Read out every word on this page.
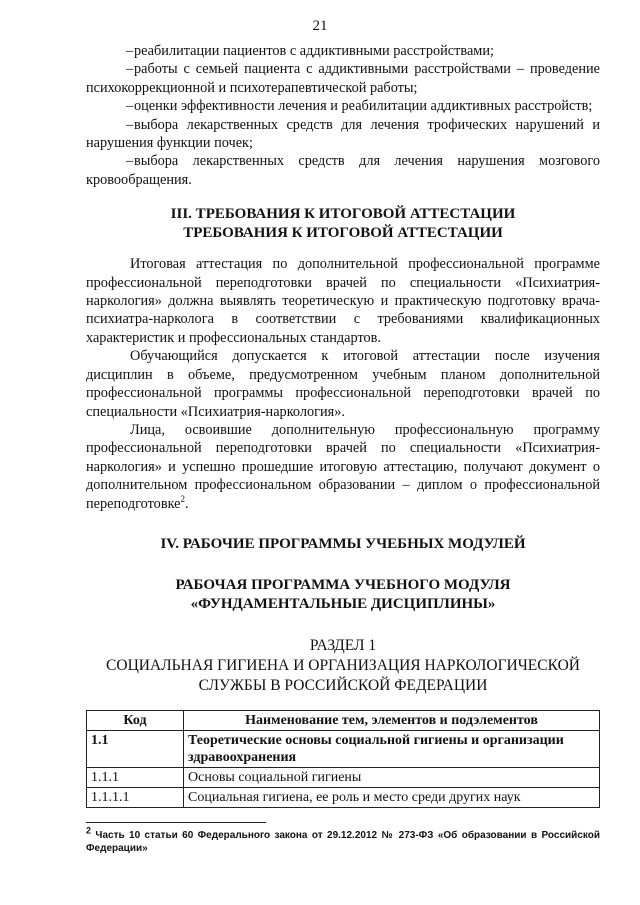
21

– реабилитации пациентов с аддиктивными расстройствами;

– работы с семьей пациента с аддиктивными расстройствами – проведение психокоррекционной и психотерапевтической работы;

– оценки эффективности лечения и реабилитации аддиктивных расстройств;

– выбора лекарственных средств для лечения трофических нарушений и нарушения функции почек;

– выбора лекарственных средств для лечения нарушения мозгового кровообращения.

III. ТРЕБОВАНИЯ К ИТОГОВОЙ АТТЕСТАЦИИ

ТРЕБОВАНИЯ К ИТОГОВОЙ АТТЕСТАЦИИ

Итоговая аттестация по дополнительной профессиональной программе профессиональной переподготовки врачей по специальности «Психиатрия-наркология» должна выявлять теоретическую и практическую подготовку врача-психиатра-нарколога в соответствии с требованиями квалификационных характеристик и профессиональных стандартов.

Обучающийся допускается к итоговой аттестации после изучения дисциплин в объеме, предусмотренном учебным планом дополнительной профессиональной программы профессиональной переподготовки врачей по специальности «Психиатрия-наркология».

Лица, освоившие дополнительную профессиональную программу профессиональной переподготовки врачей по специальности «Психиатрия-наркология» и успешно прошедшие итоговую аттестацию, получают документ о дополнительном профессиональном образовании – диплом о профессиональной переподготовке$^2$.

IV. РАБОЧИЕ ПРОГРАММЫ УЧЕБНЫХ МОДУЛЕЙ

РАБОЧАЯ ПРОГРАММА УЧЕБНОГО МОДУЛЯ

«ФУНДАМЕНТАЛЬНЫЕ ДИСЦИПЛИНЫ»

РАЗДЕЛ 1

СОЦИАЛЬНАЯ ГИГИЕНА И ОРГАНИЗАЦИЯ НАРКОЛОГИЧЕСКОЙ

СЛУЖБЫ В РОССИЙСКОЙ ФЕДЕРАЦИИ

Код	Наименование тем, элементов и подэлементов
1.1	Теоретические основы социальной гигиены и организации здравоохранения
1.1.1	Основы социальной гигиены
1.1.1.1	Социальная гигиена, ее роль и место среди других наук
$^2$ Часть 10 статьи 60 Федерального закона от 29.12.2012 № 273-ФЗ «Об образовании в Российской Федерации»
